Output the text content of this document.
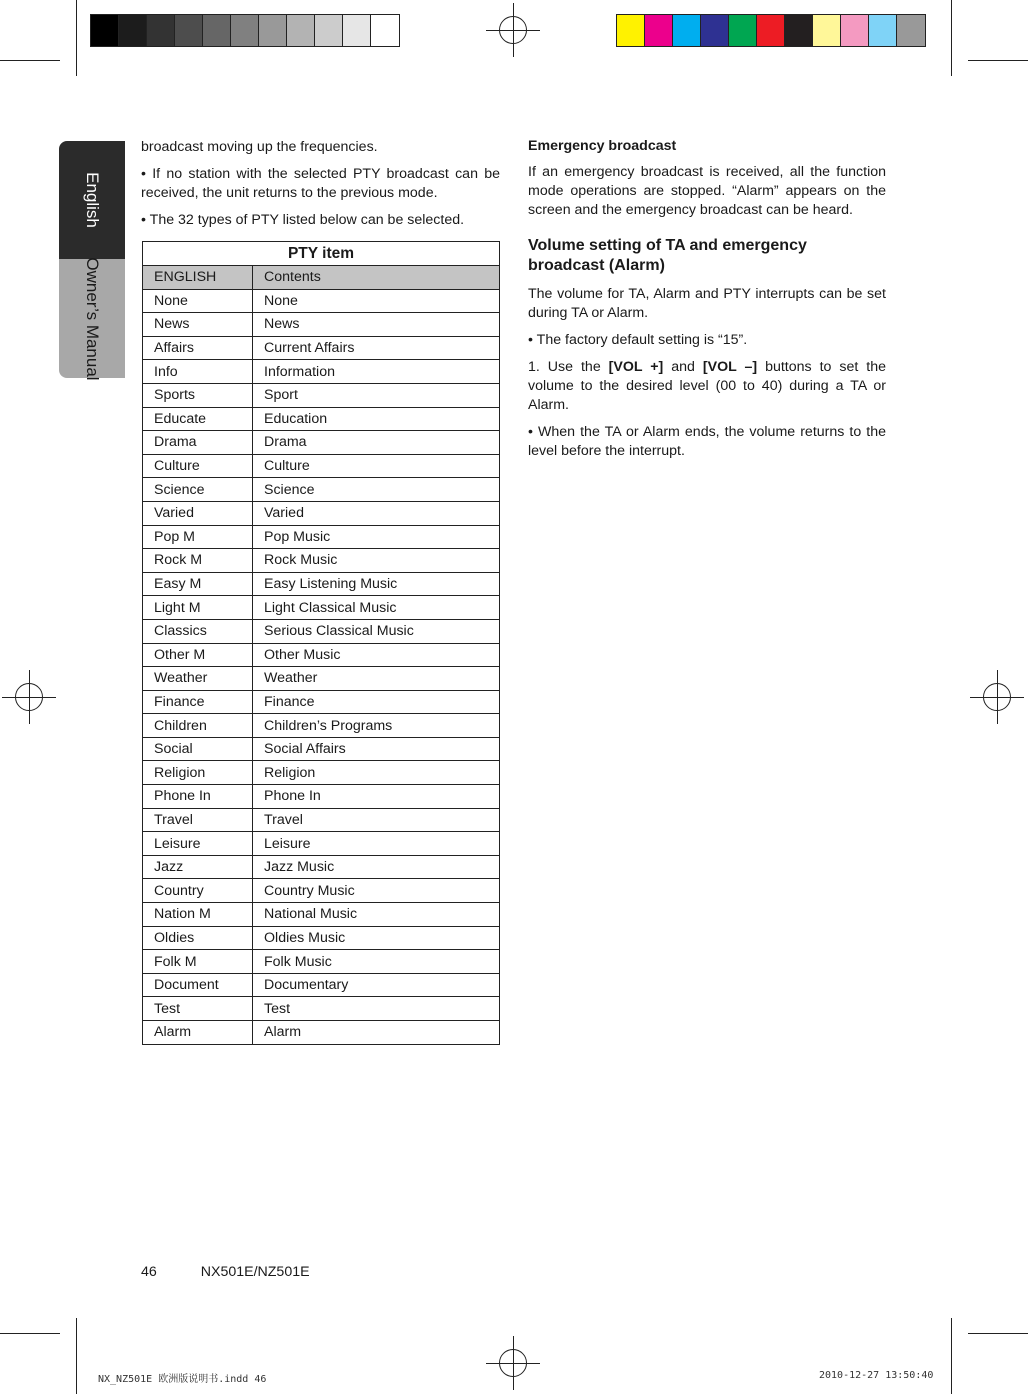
English
Owner’s Manual

broadcast moving up the frequencies.

• If no station with the selected PTY broadcast can be received, the unit returns to the previous mode.

• The 32 types of PTY listed below can be selected.

PTY item	
ENGLISH	Contents
None	None
News	News
Affairs	Current Affairs
Info	Information
Sports	Sport
Educate	Education
Drama	Drama
Culture	Culture
Science	Science
Varied	Varied
Pop M	Pop Music
Rock M	Rock Music
Easy M	Easy Listening Music
Light M	Light Classical Music
Classics	Serious Classical Music
Other M	Other Music
Weather	Weather
Finance	Finance
Children	Children’s Programs
Social	Social Affairs
Religion	Religion
Phone In	Phone In
Travel	Travel
Leisure	Leisure
Jazz	Jazz Music
Country	Country Music
Nation M	National Music
Oldies	Oldies Music
Folk M	Folk Music
Document	Documentary
Test	Test
Alarm	Alarm
Emergency broadcast

If an emergency broadcast is received, all the function mode operations are stopped. “Alarm” appears on the screen and the emergency broadcast can be heard.

Volume setting of TA and emergency broadcast (Alarm)

The volume for TA, Alarm and PTY interrupts can be set during TA or Alarm.

• The factory default setting is “15”.

1. Use the [VOL +] and [VOL –] buttons to set the volume to the desired level (00 to 40) during a TA or Alarm.

• When the TA or Alarm ends, the volume returns to the level before the interrupt.

46	NX501E/NZ501E
NX_NZ501E 欧洲版说明书.indd 46	2010-12-27 13:50:40
